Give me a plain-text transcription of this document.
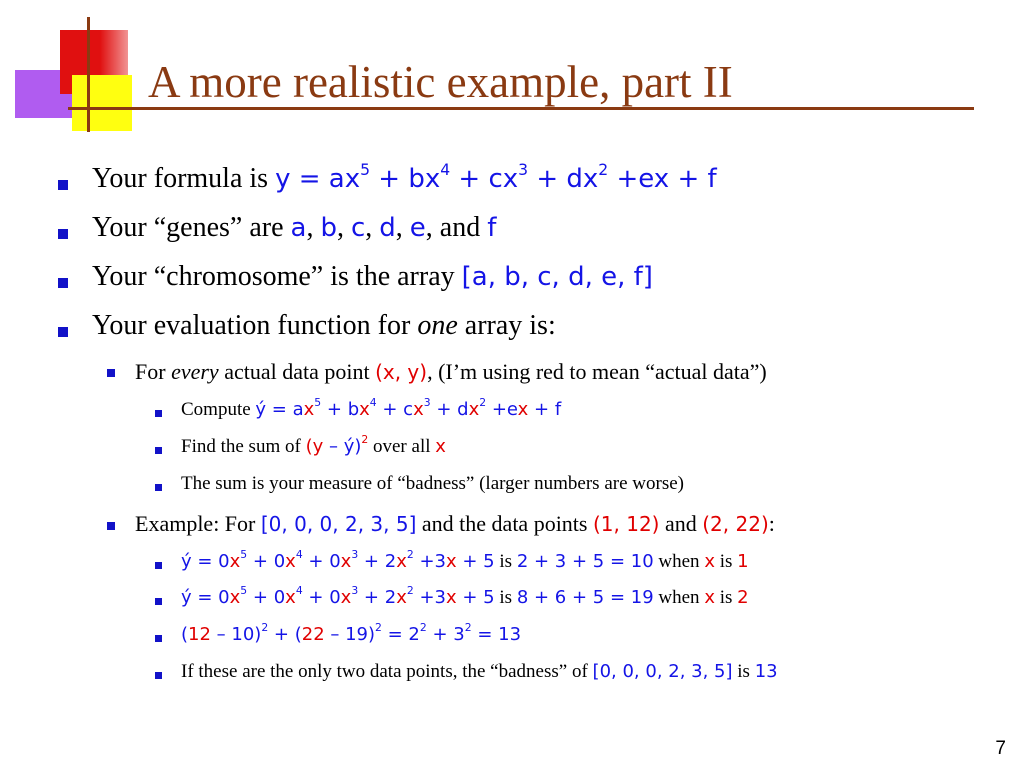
A more realistic example, part II
Your formula is $y = ax^5 + bx^4 + cx^3 + dx^2 +ex + f$
Your “genes” are a, b, c, d, e, and f
Your “chromosome” is the array [a, b, c, d, e, f]
Your evaluation function for one array is:
For every actual data point (x, y), (I’m using red to mean “actual data”)
Compute ý = $ax^5 + bx^4 + cx^3 + dx^2 +ex + f$
Find the sum of (y – ý)$^2$ over all x
The sum is your measure of “badness” (larger numbers are worse)
Example: For [0, 0, 0, 2, 3, 5] and the data points (1, 12) and (2, 22):
ý = $0x^5 + 0x^4 + 0x^3 + 2x^2 +3x + 5$ is 2 + 3 + 5 = 10 when x is 1
ý = $0x^5 + 0x^4 + 0x^3 + 2x^2 +3x + 5$ is 8 + 6 + 5 = 19 when x is 2
$(12 - 10)^2 + (22 - 19)^2 = 2^2 + 3^2 = 13$
If these are the only two data points, the “badness” of [0, 0, 0, 2, 3, 5] is 13
7
